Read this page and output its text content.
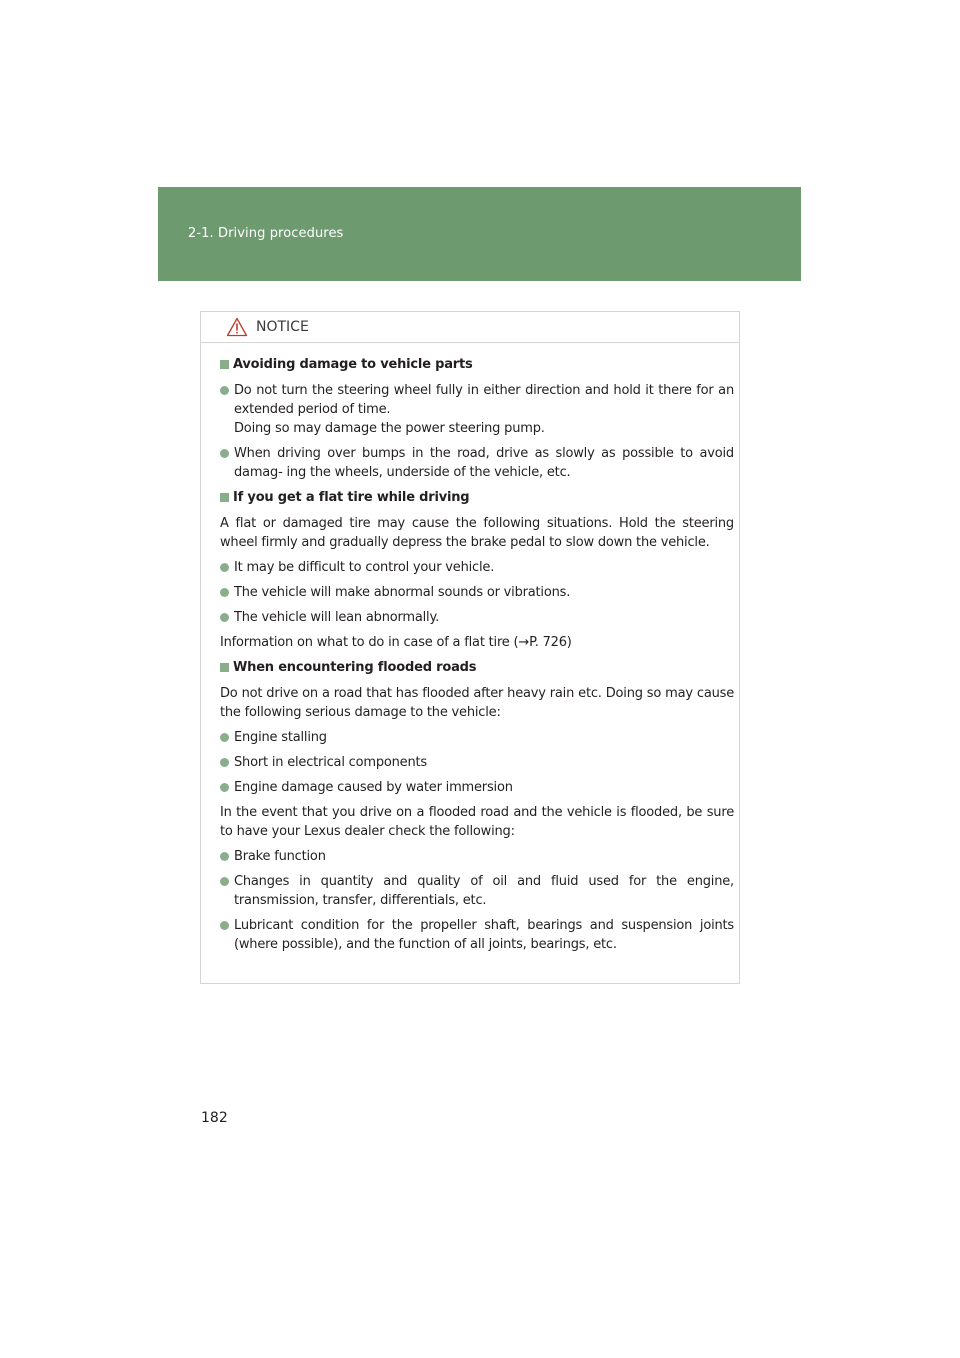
2-1. Driving procedures
NOTICE
Avoiding damage to vehicle parts
Do not turn the steering wheel fully in either direction and hold it there for an extended period of time.
Doing so may damage the power steering pump.
When driving over bumps in the road, drive as slowly as possible to avoid damag- ing the wheels, underside of the vehicle, etc.
If you get a flat tire while driving
A flat or damaged tire may cause the following situations. Hold the steering wheel firmly and gradually depress the brake pedal to slow down the vehicle.
It may be difficult to control your vehicle.
The vehicle will make abnormal sounds or vibrations.
The vehicle will lean abnormally.
Information on what to do in case of a flat tire (→P. 726)
When encountering flooded roads
Do not drive on a road that has flooded after heavy rain etc. Doing so may cause the following serious damage to the vehicle:
Engine stalling
Short in electrical components
Engine damage caused by water immersion
In the event that you drive on a flooded road and the vehicle is flooded, be sure to have your Lexus dealer check the following:
Brake function
Changes in quantity and quality of oil and fluid used for the engine, transmission, transfer, differentials, etc.
Lubricant condition for the propeller shaft, bearings and suspension joints (where possible), and the function of all joints, bearings, etc.
182
